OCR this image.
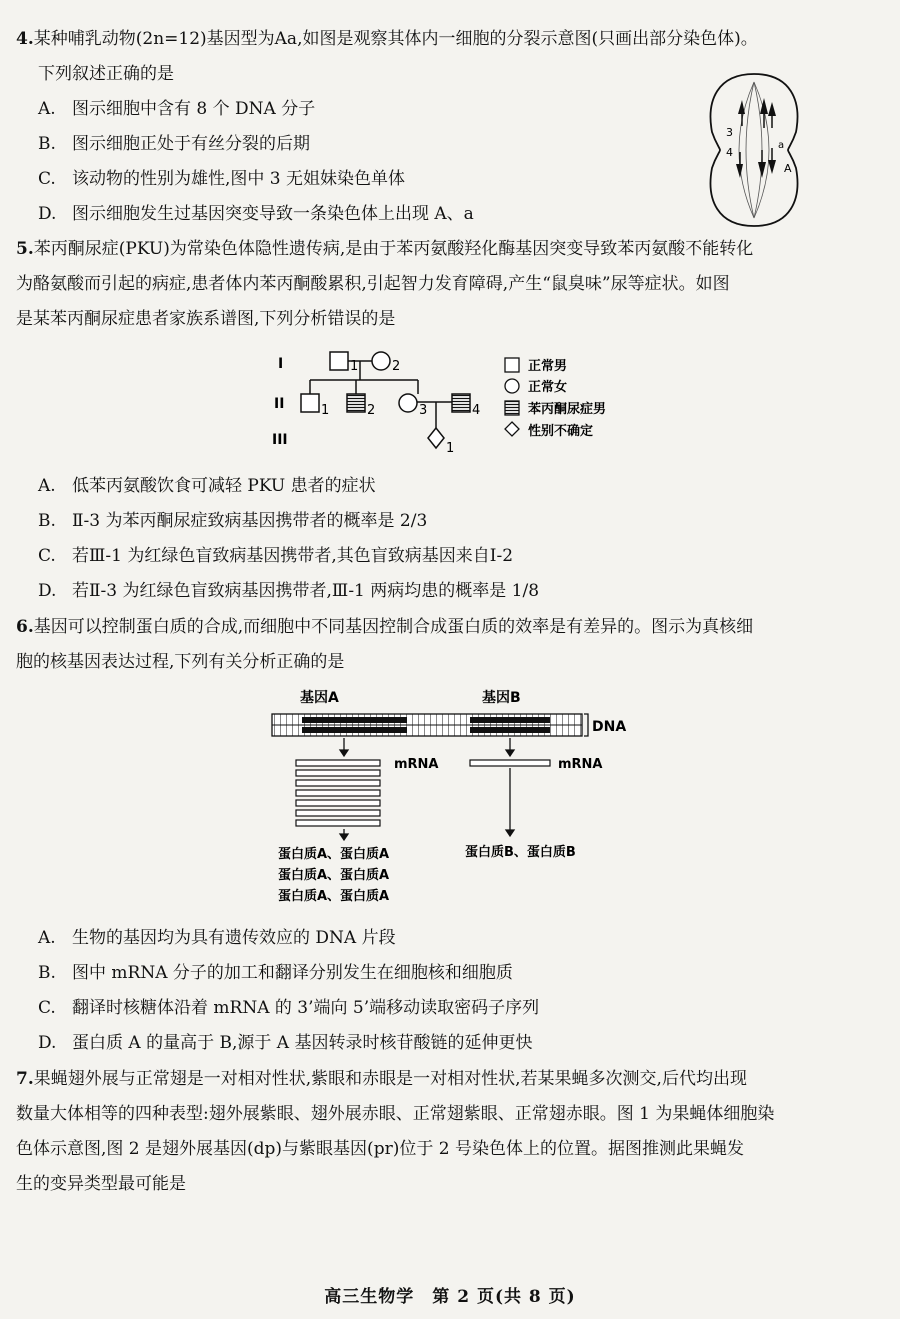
4.某种哺乳动物(2n=12)基因型为Aa,如图是观察其体内一细胞的分裂示意图(只画出部分染色体)。

下列叙述正确的是

A. 图示细胞中含有 8 个 DNA 分子

B. 图示细胞正处于有丝分裂的后期

C. 该动物的性别为雄性,图中 3 无姐妹染色单体

D. 图示细胞发生过基因突变导致一条染色体上出现 A、a

3
4
a
A

5.苯丙酮尿症(PKU)为常染色体隐性遗传病,是由于苯丙氨酸羟化酶基因突变导致苯丙氨酸不能转化

为酪氨酸而引起的病症,患者体内苯丙酮酸累积,引起智力发育障碍,产生“鼠臭味”尿等症状。如图

是某苯丙酮尿症患者家族系谱图,下列分析错误的是

I
II
III
1	2
1	2	3	4
1
正常男
正常女
苯丙酮尿症男
性别不确定

A. 低苯丙氨酸饮食可减轻 PKU 患者的症状

B. Ⅱ-3 为苯丙酮尿症致病基因携带者的概率是 2/3

C. 若Ⅲ-1 为红绿色盲致病基因携带者,其色盲致病基因来自Ⅰ-2

D. 若Ⅱ-3 为红绿色盲致病基因携带者,Ⅲ-1 两病均患的概率是 1/8

6.基因可以控制蛋白质的合成,而细胞中不同基因控制合成蛋白质的效率是有差异的。图示为真核细

胞的核基因表达过程,下列有关分析正确的是

基因A	基因B
DNA
mRNA	mRNA
蛋白质A、蛋白质A
蛋白质A、蛋白质A
蛋白质A、蛋白质A
蛋白质B、蛋白质B

A. 生物的基因均为具有遗传效应的 DNA 片段

B. 图中 mRNA 分子的加工和翻译分别发生在细胞核和细胞质

C. 翻译时核糖体沿着 mRNA 的 3’端向 5’端移动读取密码子序列

D. 蛋白质 A 的量高于 B,源于 A 基因转录时核苷酸链的延伸更快

7.果蝇翅外展与正常翅是一对相对性状,紫眼和赤眼是一对相对性状,若某果蝇多次测交,后代均出现

数量大体相等的四种表型:翅外展紫眼、翅外展赤眼、正常翅紫眼、正常翅赤眼。图 1 为果蝇体细胞染

色体示意图,图 2 是翅外展基因(dp)与紫眼基因(pr)位于 2 号染色体上的位置。据图推测此果蝇发

生的变异类型最可能是

高三生物学　第 2 页(共 8 页)
